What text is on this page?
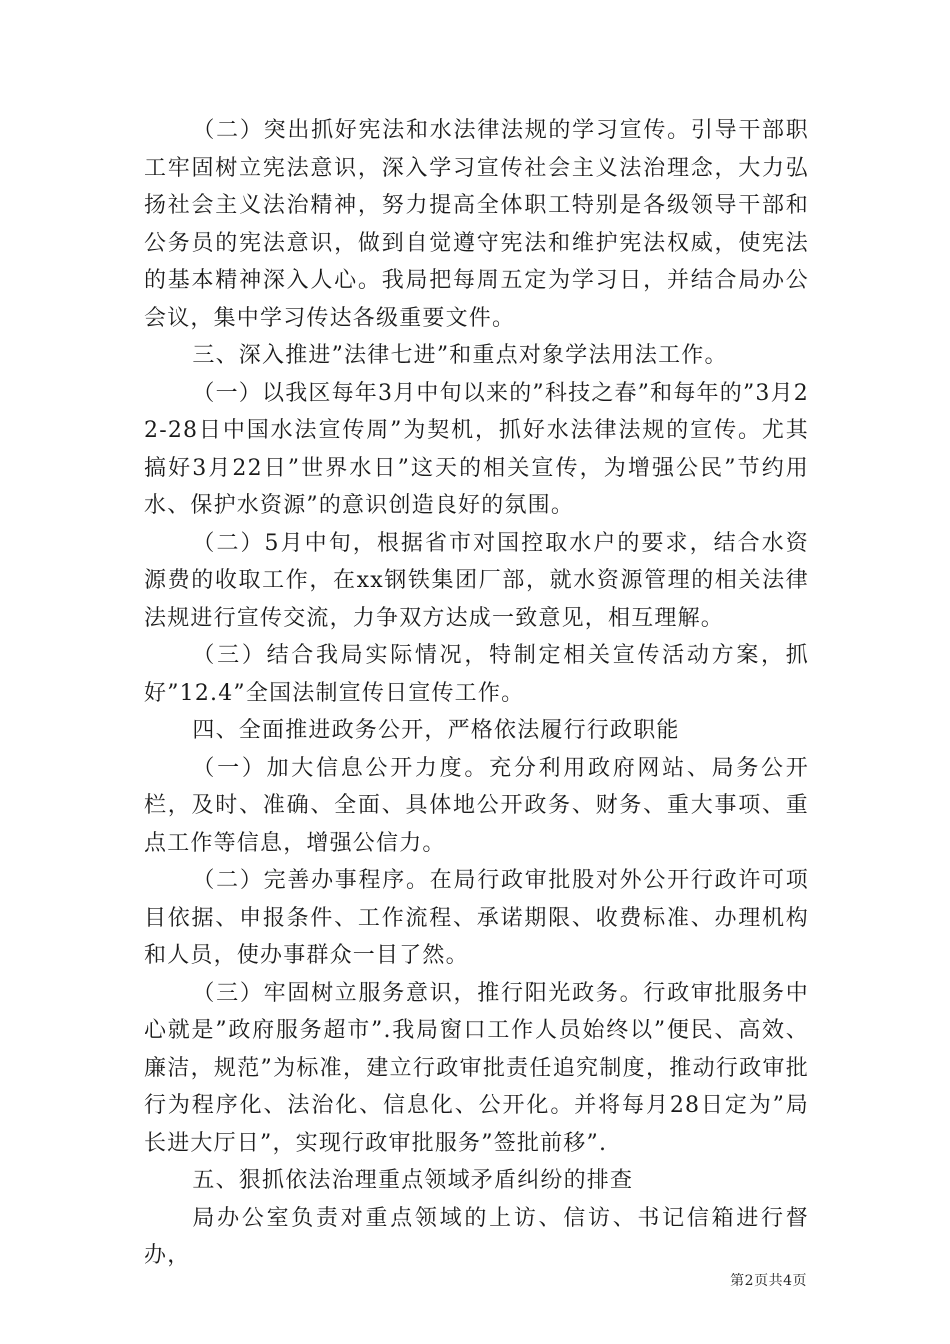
（二）突出抓好宪法和水法律法规的学习宣传。引导干部职工牢固树立宪法意识，深入学习宣传社会主义法治理念，大力弘扬社会主义法治精神，努力提高全体职工特别是各级领导干部和公务员的宪法意识，做到自觉遵守宪法和维护宪法权威，使宪法的基本精神深入人心。我局把每周五定为学习日，并结合局办公会议，集中学习传达各级重要文件。

三、深入推进”法律七进”和重点对象学法用法工作。

（一）以我区每年3月中旬以来的”科技之春”和每年的”3月22-28日中国水法宣传周”为契机，抓好水法律法规的宣传。尤其搞好3月22日”世界水日”这天的相关宣传，为增强公民”节约用水、保护水资源”的意识创造良好的氛围。

（二）5月中旬，根据省市对国控取水户的要求，结合水资源费的收取工作，在xx钢铁集团厂部，就水资源管理的相关法律法规进行宣传交流，力争双方达成一致意见，相互理解。

（三）结合我局实际情况，特制定相关宣传活动方案，抓好”12.4”全国法制宣传日宣传工作。

四、全面推进政务公开，严格依法履行行政职能

（一）加大信息公开力度。充分利用政府网站、局务公开栏，及时、准确、全面、具体地公开政务、财务、重大事项、重点工作等信息，增强公信力。

（二）完善办事程序。在局行政审批股对外公开行政许可项目依据、申报条件、工作流程、承诺期限、收费标准、办理机构和人员，使办事群众一目了然。

（三）牢固树立服务意识，推行阳光政务。行政审批服务中心就是”政府服务超市”.我局窗口工作人员始终以”便民、高效、廉洁，规范”为标准，建立行政审批责任追究制度，推动行政审批行为程序化、法治化、信息化、公开化。并将每月28日定为”局长进大厅日”，实现行政审批服务”签批前移”.

五、狠抓依法治理重点领域矛盾纠纷的排查

局办公室负责对重点领域的上访、信访、书记信箱进行督办，

第2页共4页
